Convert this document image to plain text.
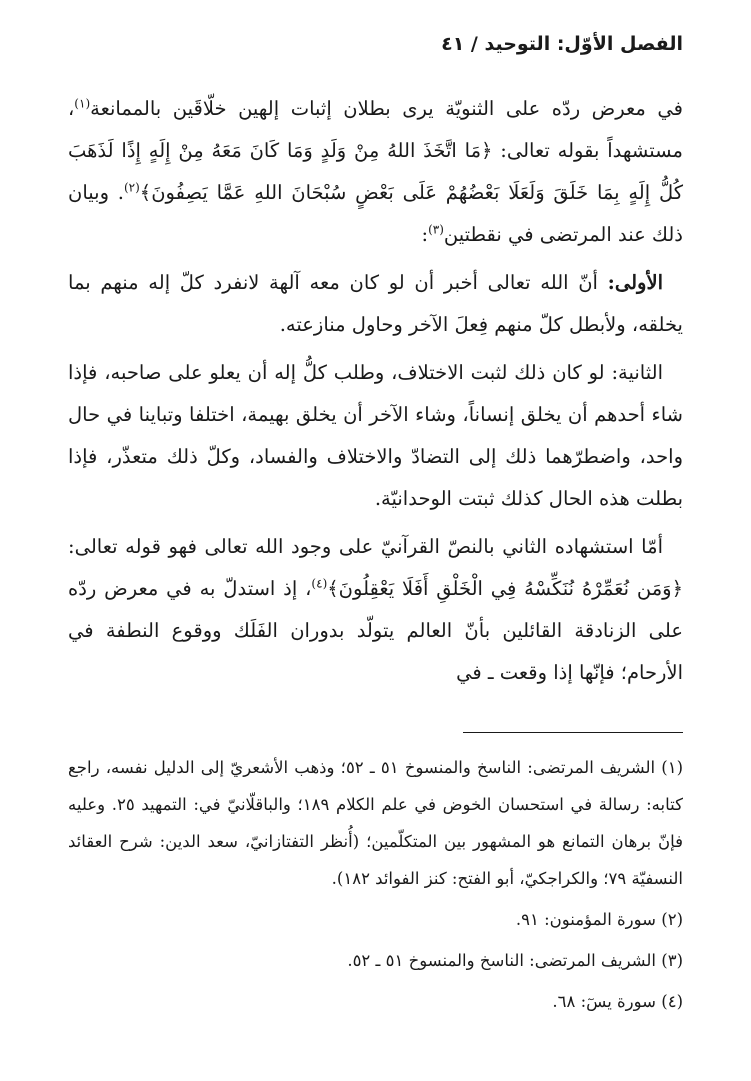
الفصل الأوّل: التوحيد / ٤١

في معرض ردّه على الثنويّة يرى بطلان إثبات إلهين خلّاقَين بالممانعة$^{(١)}$، مستشهداً بقوله تعالى: ﴿مَا اتَّخَذَ اللهُ مِنْ وَلَدٍ وَمَا كَانَ مَعَهُ مِنْ إِلَهٍ إِذًا لَذَهَبَ كُلُّ إِلَهٍ بِمَا خَلَقَ وَلَعَلَا بَعْضُهُمْ عَلَى بَعْضٍ سُبْحَانَ اللهِ عَمَّا يَصِفُونَ﴾$^{(٢)}$. وبيان ذلك عند المرتضى في نقطتين$^{(٣)}$:

الأولى: أنّ الله تعالى أخبر أن لو كان معه آلهة لانفرد كلّ إله منهم بما يخلقه، ولأبطل كلّ منهم فِعلَ الآخر وحاول منازعته.

الثانية: لو كان ذلك لثبت الاختلاف، وطلب كلُّ إله أن يعلو على صاحبه، فإذا شاء أحدهم أن يخلق إنساناً، وشاء الآخر أن يخلق بهيمة، اختلفا وتباينا في حال واحد، واضطرّهما ذلك إلى التضادّ والاختلاف والفساد، وكلّ ذلك متعذّر، فإذا بطلت هذه الحال كذلك ثبتت الوحدانيّة.

أمّا استشهاده الثاني بالنصّ القرآنيّ على وجود الله تعالى فهو قوله تعالى: ﴿وَمَن نُعَمِّرْهُ نُنَكِّسْهُ فِي الْخَلْقِ أَفَلَا يَعْقِلُونَ﴾$^{(٤)}$، إذ استدلّ به في معرض ردّه على الزنادقة القائلين بأنّ العالم يتولّد بدوران الفَلَك ووقوع النطفة في الأرحام؛ فإنّها إذا وقعت ـ في

(١) الشريف المرتضى: الناسخ والمنسوخ ٥١ ـ ٥٢؛ وذهب الأشعريّ إلى الدليل نفسه، راجع كتابه: رسالة في استحسان الخوض في علم الكلام ١٨٩؛ والباقلّانيّ في: التمهيد ٢٥. وعليه فإنّ برهان التمانع هو المشهور بين المتكلّمين؛ (أُنظر التفتازانيّ، سعد الدين: شرح العقائد النسفيّة ٧٩؛ والكراجكيّ، أبو الفتح: كنز الفوائد ١٨٢).

(٢) سورة المؤمنون: ٩١.

(٣) الشريف المرتضى: الناسخ والمنسوخ ٥١ ـ ٥٢.

(٤) سورة يسٓ: ٦٨.
